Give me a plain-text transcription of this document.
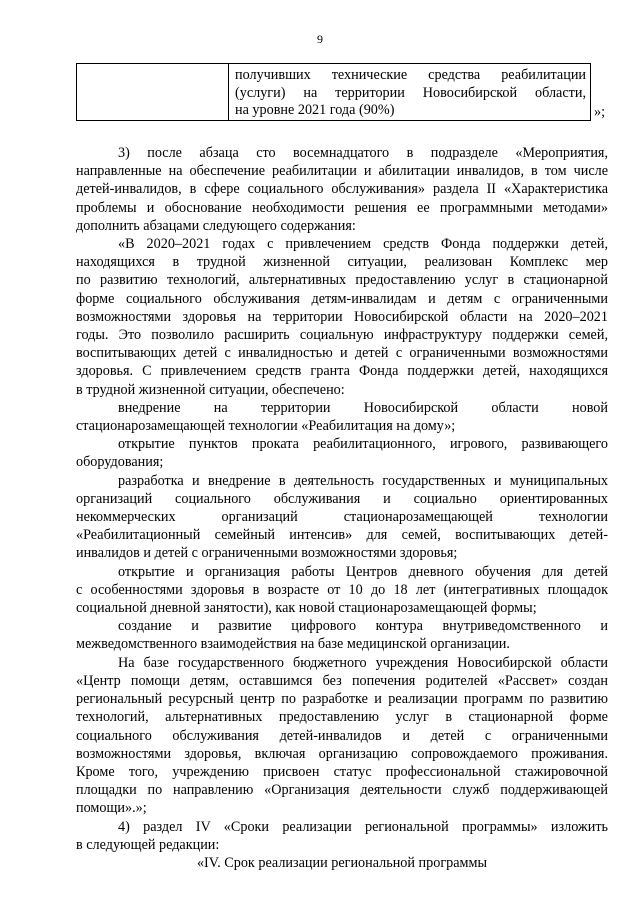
9

получивших технические средства реабилитации
(услуги) на территории Новосибирской области,
на уровне 2021 года (90%)	»;
3) после абзаца сто восемнадцатого в подразделе «Мероприятия,
направленные на обеспечение реабилитации и абилитации инвалидов, в том числе
детей-инвалидов, в сфере социального обслуживания» раздела II «Характеристика
проблемы и обоснование необходимости решения ее программными методами»
дополнить абзацами следующего содержания:
«В 2020–2021 годах с привлечением средств Фонда поддержки детей,
находящихся в трудной жизненной ситуации, реализован Комплекс мер
по развитию технологий, альтернативных предоставлению услуг в стационарной
форме социального обслуживания детям-инвалидам и детям с ограниченными
возможностями здоровья на территории Новосибирской области на 2020–2021
годы. Это позволило расширить социальную инфраструктуру поддержки семей,
воспитывающих детей с инвалидностью и детей с ограниченными возможностями
здоровья. С привлечением средств гранта Фонда поддержки детей, находящихся
в трудной жизненной ситуации, обеспечено:
внедрение на территории Новосибирской области новой
стационарозамещающей технологии «Реабилитация на дому»;
открытие пунктов проката реабилитационного, игрового, развивающего
оборудования;
разработка и внедрение в деятельность государственных и муниципальных
организаций социального обслуживания и социально ориентированных
некоммерческих организаций стационарозамещающей технологии
«Реабилитационный семейный интенсив» для семей, воспитывающих детей-
инвалидов и детей с ограниченными возможностями здоровья;
открытие и организация работы Центров дневного обучения для детей
с особенностями здоровья в возрасте от 10 до 18 лет (интегративных площадок
социальной дневной занятости), как новой стационарозамещающей формы;
создание и развитие цифрового контура внутриведомственного и
межведомственного взаимодействия на базе медицинской организации.
На базе государственного бюджетного учреждения Новосибирской области
«Центр помощи детям, оставшимся без попечения родителей «Рассвет» создан
региональный ресурсный центр по разработке и реализации программ по развитию
технологий, альтернативных предоставлению услуг в стационарной форме
социального обслуживания детей-инвалидов и детей с ограниченными
возможностями здоровья, включая организацию сопровождаемого проживания.
Кроме того, учреждению присвоен статус профессиональной стажировочной
площадки по направлению «Организация деятельности служб поддерживающей
помощи».»;
4) раздел IV «Сроки реализации региональной программы» изложить
в следующей редакции:
«IV. Срок реализации региональной программы
